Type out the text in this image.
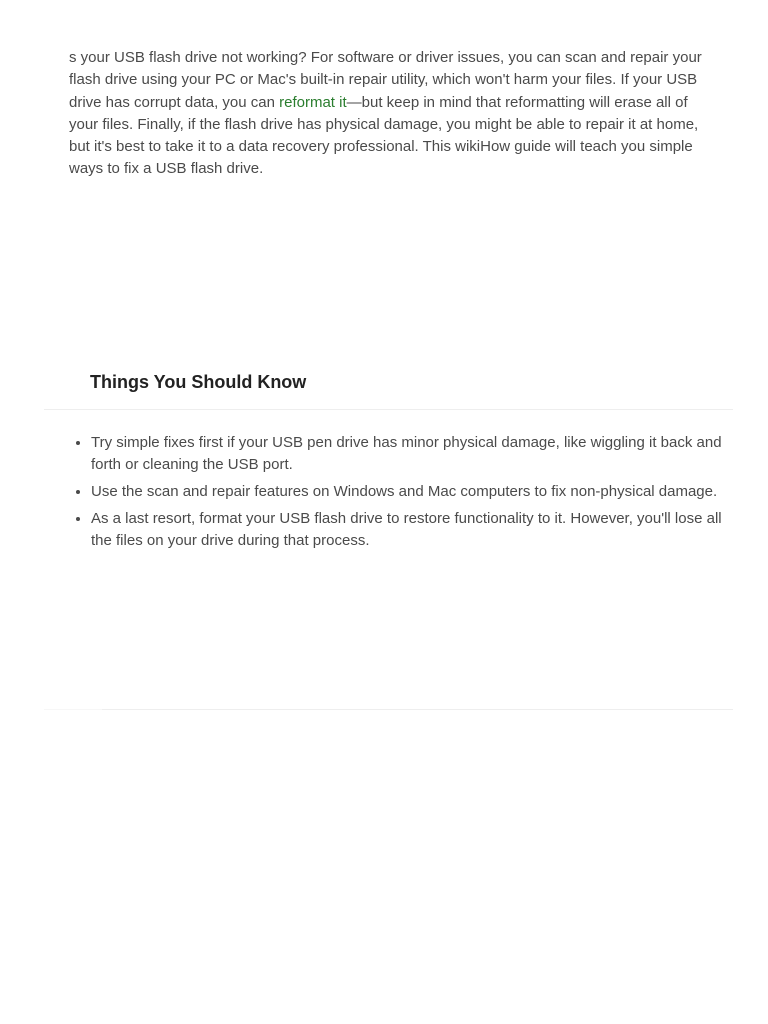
s your USB flash drive not working? For software or driver issues, you can scan and repair your flash drive using your PC or Mac's built-in repair utility, which won't harm your files. If your USB drive has corrupt data, you can reformat it—but keep in mind that reformatting will erase all of your files. Finally, if the flash drive has physical damage, you might be able to repair it at home, but it's best to take it to a data recovery professional. This wikiHow guide will teach you simple ways to fix a USB flash drive.

Things You Should Know
• Try simple fixes first if your USB pen drive has minor physical damage, like wiggling it back and forth or cleaning the USB port.
• Use the scan and repair features on Windows and Mac computers to fix non-physical damage.
• As a last resort, format your USB flash drive to restore functionality to it. However, you'll lose all the files on your drive during that process.
